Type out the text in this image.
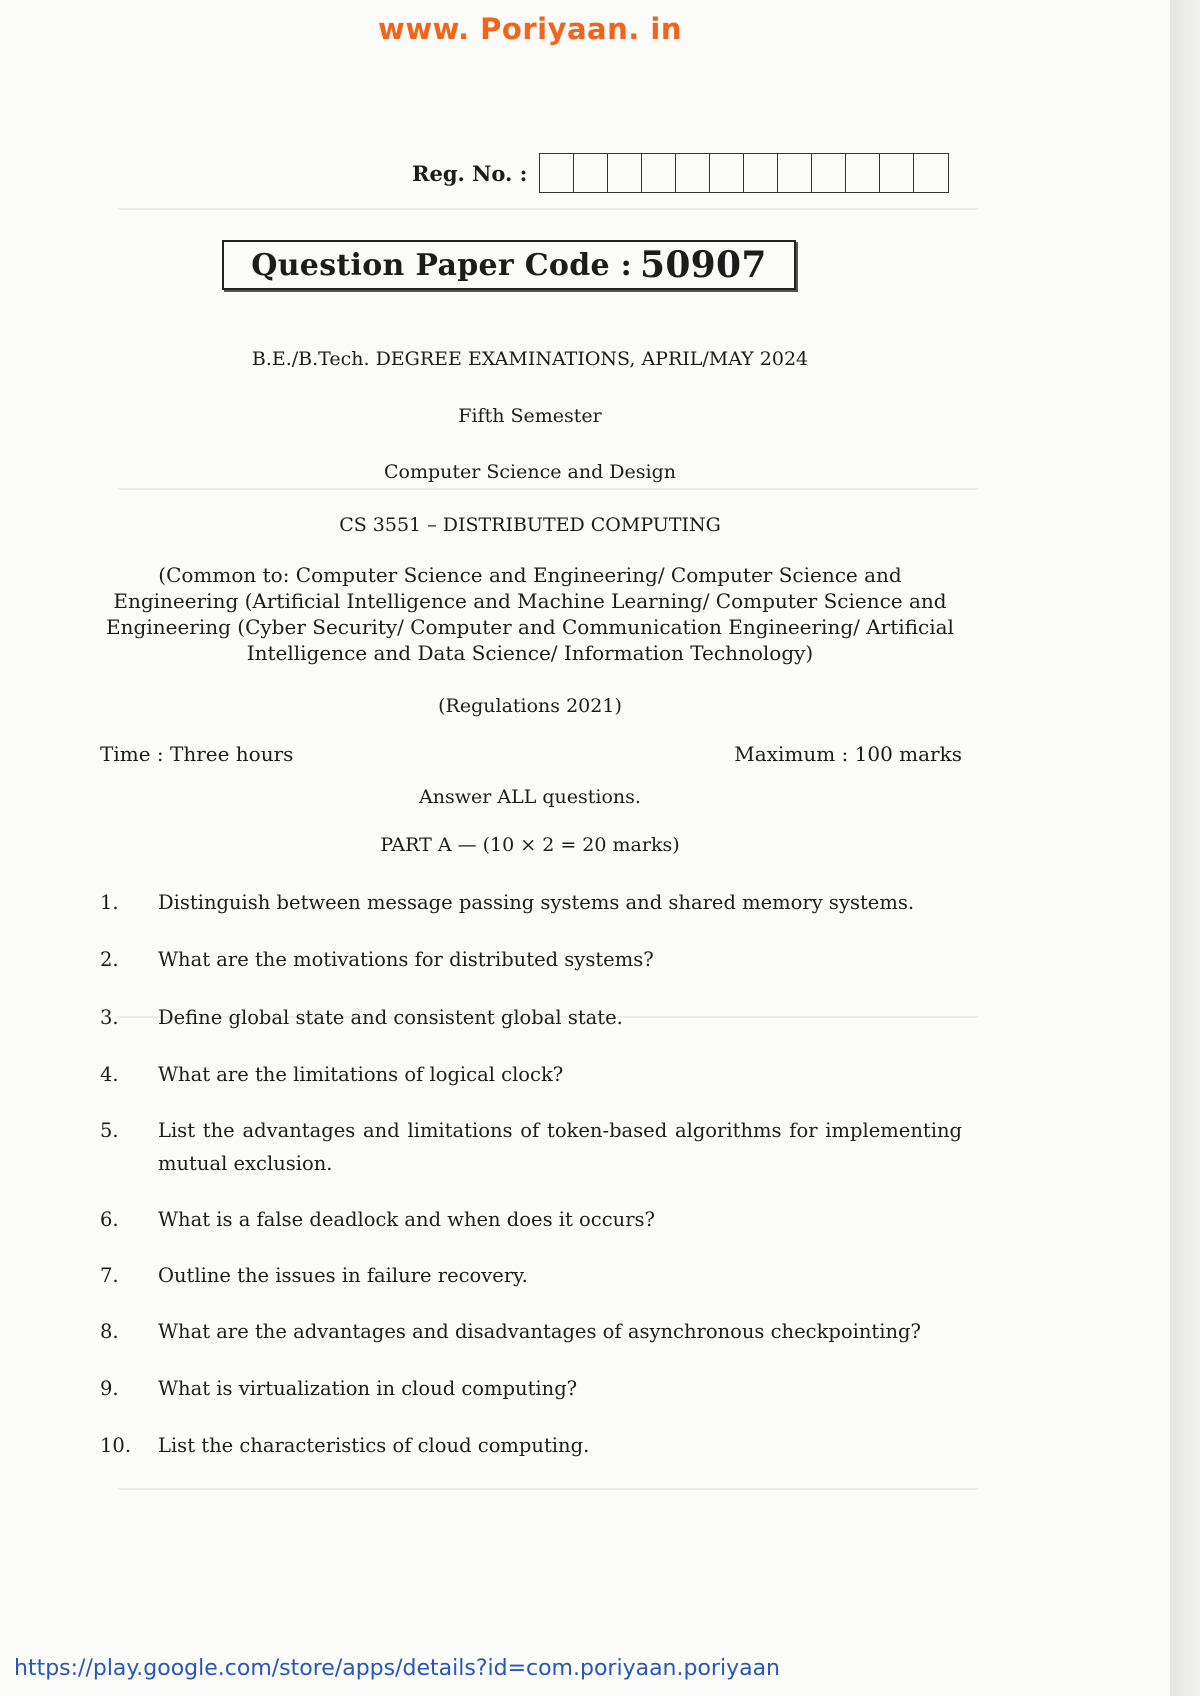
www. Poriyaan. in
Reg. No. :
Question Paper Code : 50907
B.E./B.Tech. DEGREE EXAMINATIONS, APRIL/MAY 2024
Fifth Semester
Computer Science and Design
CS 3551 – DISTRIBUTED COMPUTING
(Common to: Computer Science and Engineering/ Computer Science and Engineering (Artificial Intelligence and Machine Learning/ Computer Science and Engineering (Cyber Security/ Computer and Communication Engineering/ Artificial Intelligence and Data Science/ Information Technology)
(Regulations 2021)
Time : Three hours	Maximum : 100 marks
Answer ALL questions.
PART A — (10 × 2 = 20 marks)
1.	Distinguish between message passing systems and shared memory systems.
2.	What are the motivations for distributed systems?
3.	Define global state and consistent global state.
4.	What are the limitations of logical clock?
5.	List the advantages and limitations of token-based algorithms for implementing mutual exclusion.
6.	What is a false deadlock and when does it occurs?
7.	Outline the issues in failure recovery.
8.	What are the advantages and disadvantages of asynchronous checkpointing?
9.	What is virtualization in cloud computing?
10.	List the characteristics of cloud computing.
https://play.google.com/store/apps/details?id=com.poriyaan.poriyaan
